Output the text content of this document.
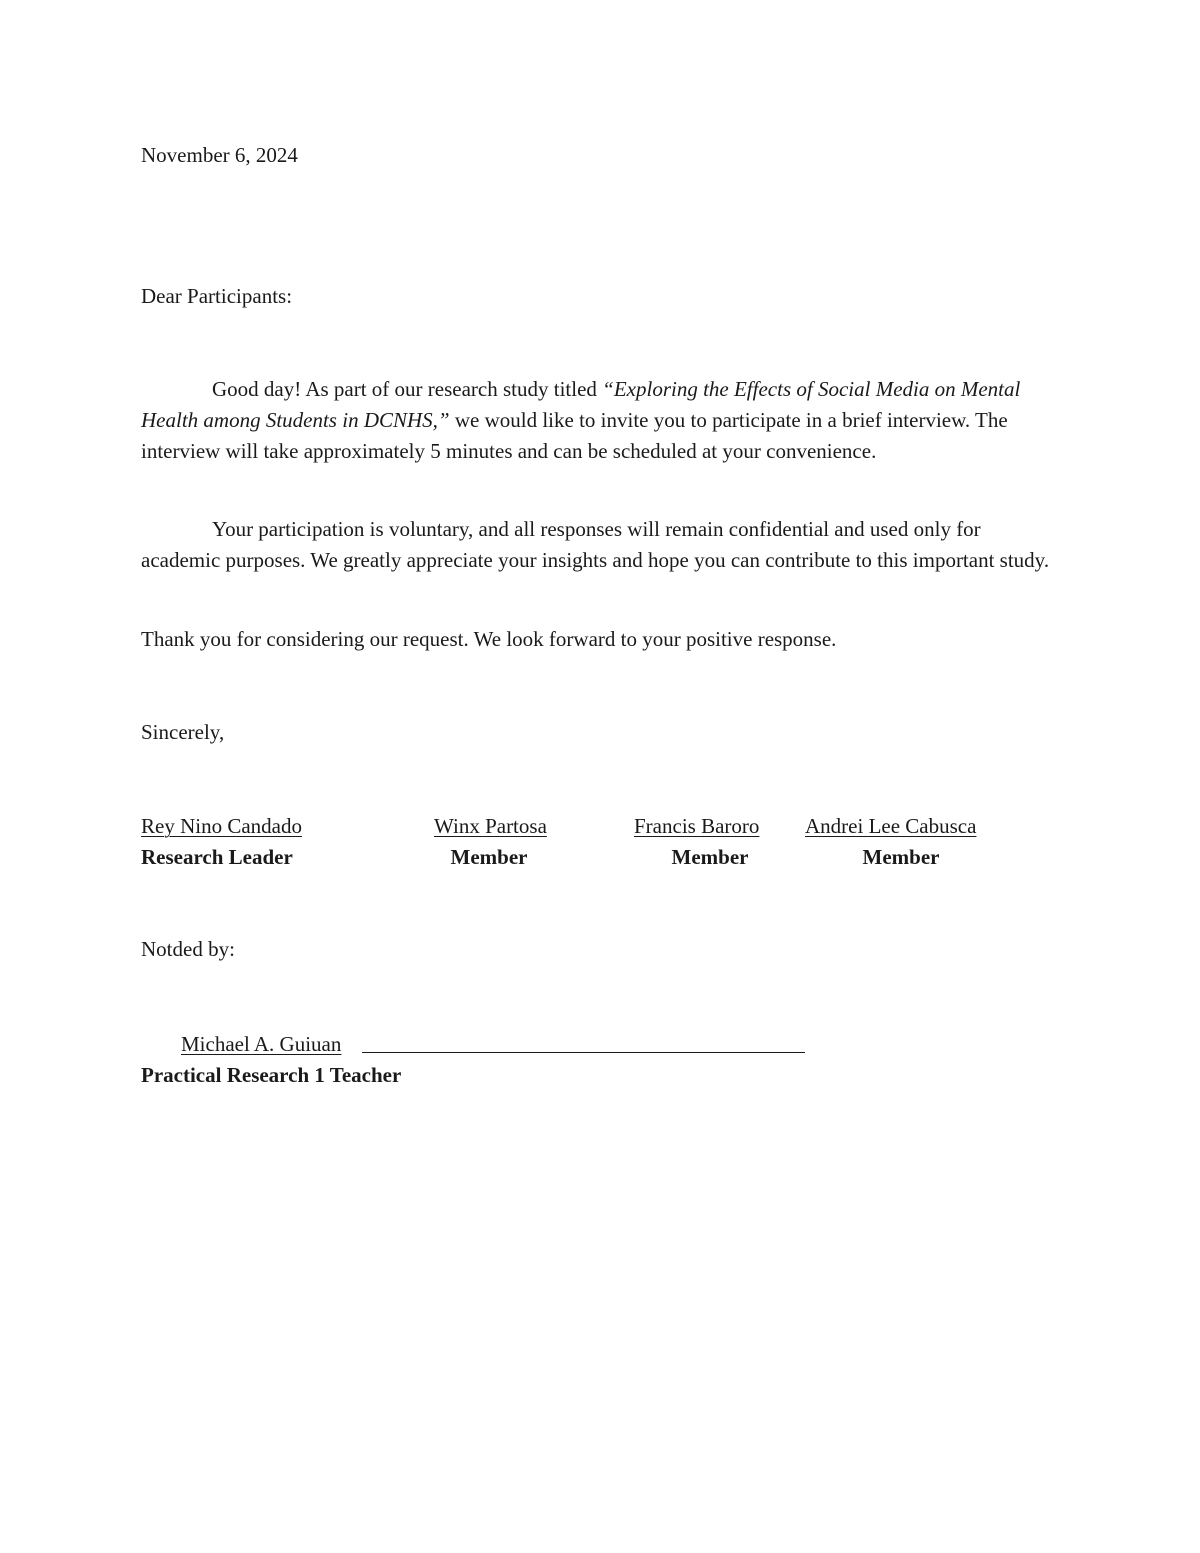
November 6, 2024
Dear Participants:

Good day! As part of our research study titled “Exploring the Effects of Social Media on Mental Health among Students in DCNHS,” we would like to invite you to participate in a brief interview. The interview will take approximately 5 minutes and can be scheduled at your convenience.

Your participation is voluntary, and all responses will remain confidential and used only for academic purposes. We greatly appreciate your insights and hope you can contribute to this important study.

Thank you for considering our request. We look forward to your positive response.
Sincerely,
Rey Nino Candado
Research Leader
Winx Partosa
Member
Francis Baroro
Member
Andrei Lee Cabusca
Member
Notded by:
Michael A. Guiuan
Practical Research 1 Teacher
